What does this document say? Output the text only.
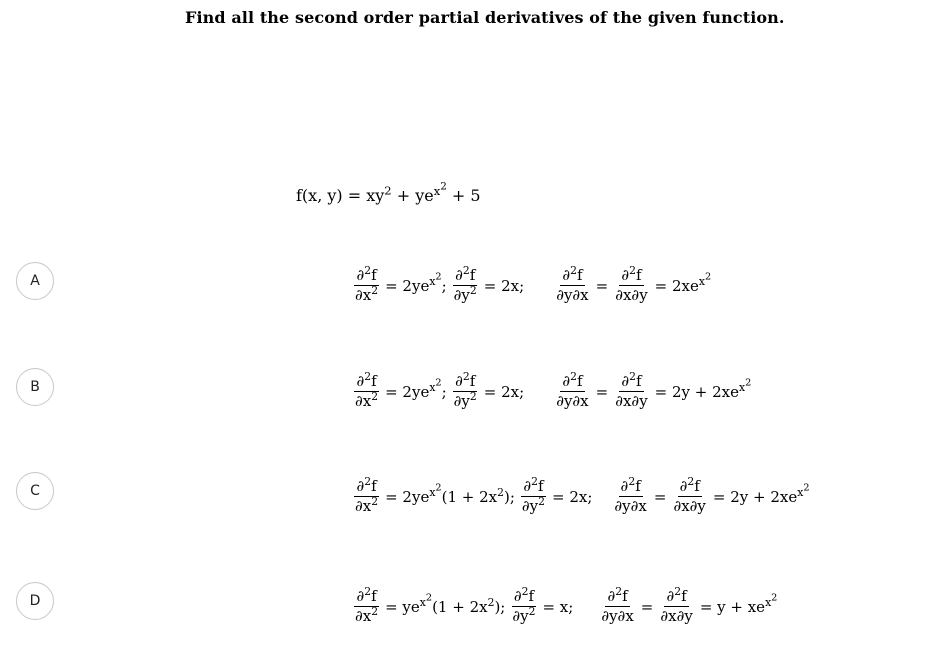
Find all the second order partial derivatives of the given function.
f(x, $y) = xy^2 + ye^{x^2} + 5$
A	$\frac{\partial^2f}{\partial x^2} = 2ye^{x^2}$; $\frac{\partial^2f}{\partial y^2} = 2x$; $\frac{\partial^2f}{\partial y\partial x} = \frac{\partial^2f}{\partial x\partial y} = 2xe^{x^2}$
B	$\frac{\partial^2f}{\partial x^2} = 2ye^{x^2}$; $\frac{\partial^2f}{\partial y^2} = 2x$; $\frac{\partial^2f}{\partial y\partial x} = \frac{\partial^2f}{\partial x\partial y} = 2y + 2xe^{x^2}$
C	$\frac{\partial^2f}{\partial x^2} = 2ye^{x^2}(1 + 2x^2)$; $\frac{\partial^2f}{\partial y^2} = 2x$; $\frac{\partial^2f}{\partial y\partial x} = \frac{\partial^2f}{\partial x\partial y} = 2y + 2xe^{x^2}$
D	$\frac{\partial^2f}{\partial x^2} = ye^{x^2}(1 + 2x^2)$; $\frac{\partial^2f}{\partial y^2} = x$; $\frac{\partial^2f}{\partial y\partial x} = \frac{\partial^2f}{\partial x\partial y} = y + xe^{x^2}$
